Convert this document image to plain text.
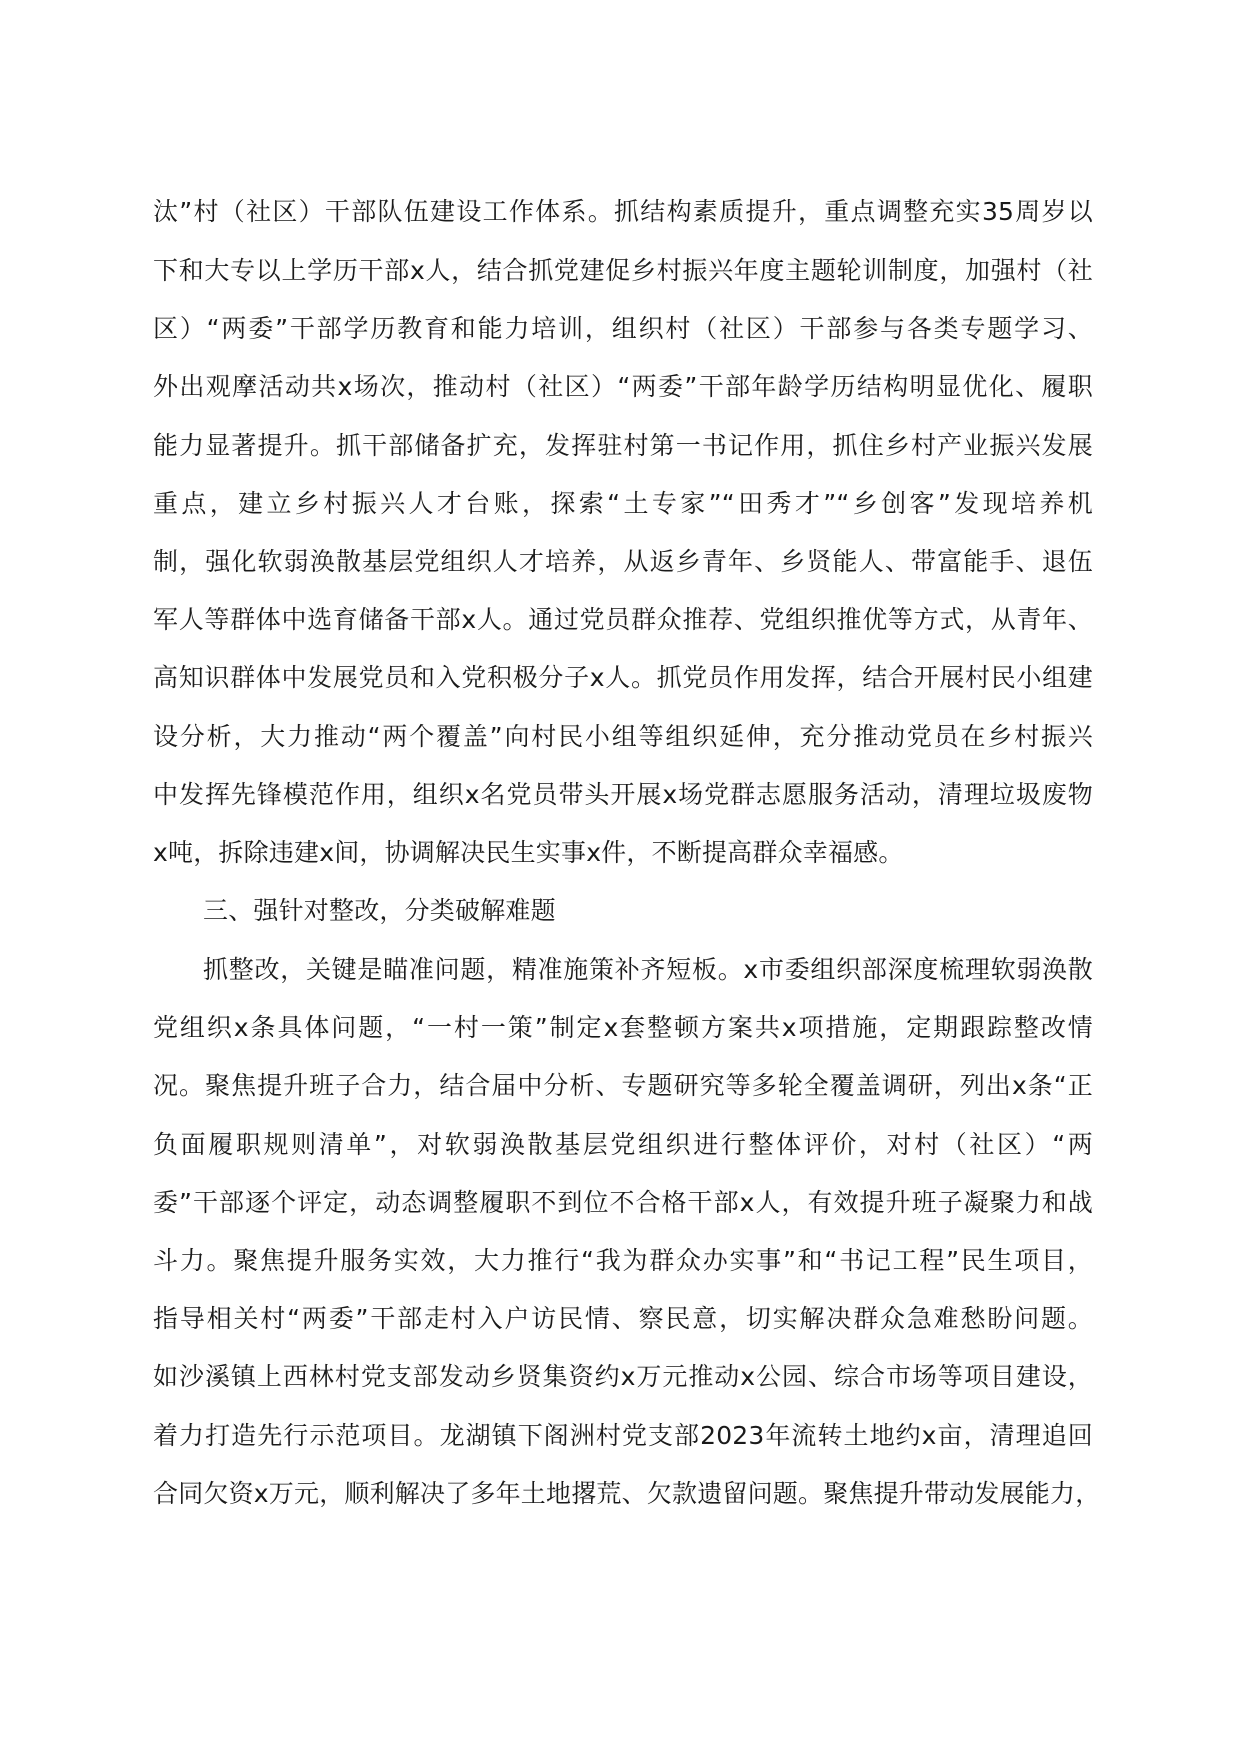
汰”村（社区）干部队伍建设工作体系。抓结构素质提升，重点调整充实35周岁以
下和大专以上学历干部x人，结合抓党建促乡村振兴年度主题轮训制度，加强村（社
区）“两委”干部学历教育和能力培训，组织村（社区）干部参与各类专题学习、
外出观摩活动共x场次，推动村（社区）“两委”干部年龄学历结构明显优化、履职
能力显著提升。抓干部储备扩充，发挥驻村第一书记作用，抓住乡村产业振兴发展
重点，建立乡村振兴人才台账，探索“土专家”“田秀才”“乡创客”发现培养机
制，强化软弱涣散基层党组织人才培养，从返乡青年、乡贤能人、带富能手、退伍
军人等群体中选育储备干部x人。通过党员群众推荐、党组织推优等方式，从青年、
高知识群体中发展党员和入党积极分子x人。抓党员作用发挥，结合开展村民小组建
设分析，大力推动“两个覆盖”向村民小组等组织延伸，充分推动党员在乡村振兴
中发挥先锋模范作用，组织x名党员带头开展x场党群志愿服务活动，清理垃圾废物
x吨，拆除违建x间，协调解决民生实事x件，不断提高群众幸福感。
三、强针对整改，分类破解难题
抓整改，关键是瞄准问题，精准施策补齐短板。x市委组织部深度梳理软弱涣散
党组织x条具体问题，“一村一策”制定x套整顿方案共x项措施，定期跟踪整改情
况。聚焦提升班子合力，结合届中分析、专题研究等多轮全覆盖调研，列出x条“正
负面履职规则清单”，对软弱涣散基层党组织进行整体评价，对村（社区）“两
委”干部逐个评定，动态调整履职不到位不合格干部x人，有效提升班子凝聚力和战
斗力。聚焦提升服务实效，大力推行“我为群众办实事”和“书记工程”民生项目，
指导相关村“两委”干部走村入户访民情、察民意，切实解决群众急难愁盼问题。
如沙溪镇上西林村党支部发动乡贤集资约x万元推动x公园、综合市场等项目建设，
着力打造先行示范项目。龙湖镇下阁洲村党支部2023年流转土地约x亩，清理追回
合同欠资x万元，顺利解决了多年土地撂荒、欠款遗留问题。聚焦提升带动发展能力，
